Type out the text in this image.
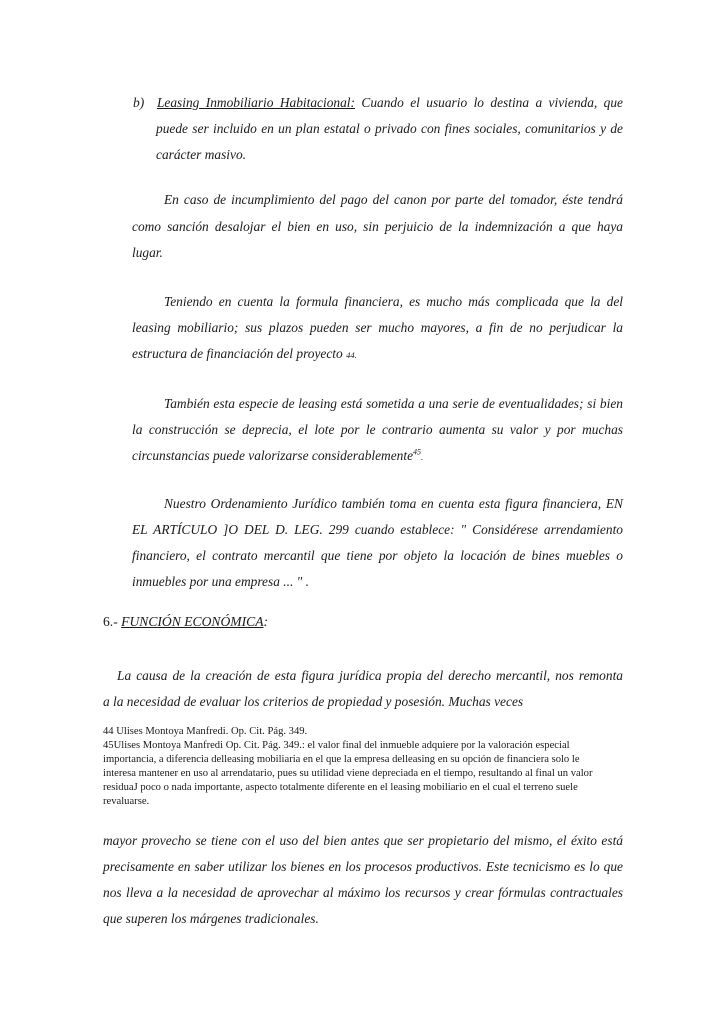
b) Leasing Inmobiliario Habitacional: Cuando el usuario lo destina a vivienda, que
puede ser incluido en un plan estatal o privado con fines sociales, comunitarios y de
carácter masivo.
En caso de incumplimiento del pago del canon por parte del tomador, éste tendrá
como sanción desalojar el bien en uso, sin perjuicio de la indemnización a que haya
lugar.
Teniendo en cuenta la formula financiera, es mucho más complicada que la del
leasing mobiliario; sus plazos pueden ser mucho mayores, a fin de no perjudicar la
estructura de financiación del proyecto 44.
También esta especie de leasing está sometida a una serie de eventualidades; si bien
la construcción se deprecia, el lote por le contrario aumenta su valor y por muchas
circunstancias puede valorizarse considerablemente$^{45}$.
Nuestro Ordenamiento Jurídico también toma en cuenta esta figura financiera, EN
EL ARTÍCULO ]O DEL D. LEG. 299 cuando establece: " Considérese arrendamiento
financiero, el contrato mercantil que tiene por objeto la locación de bines muebles o
inmuebles por una empresa ... " .
6.- FUNCIÓN ECONÓMICA:
La causa de la creación de esta figura jurídica propia del derecho mercantil, nos remonta
a la necesidad de evaluar los criterios de propiedad y posesión. Muchas veces
44 Ulises Montoya Manfredi. Op. Cit. Pág. 349.
45Ulises Montoya Manfredi Op. Cit. Pág. 349.: el valor final del inmueble adquiere por la valoración especial
importancia, a diferencia delleasing mobiliaria en el que la empresa delleasing en su opción de financiera solo le
interesa mantener en uso al arrendatario, pues su utilidad viene depreciada en el tiempo, resultando al final un valor
residuaJ poco o nada importante, aspecto totalmente diferente en el leasing mobiliario en el cual el terreno suele
revaluarse.
mayor provecho se tiene con el uso del bien antes que ser propietario del mismo, el éxito está
precisamente en saber utilizar los bienes en los procesos productivos. Este tecnicismo es lo que
nos lleva a la necesidad de aprovechar al máximo los recursos y crear fórmulas contractuales
que superen los márgenes tradicionales.
